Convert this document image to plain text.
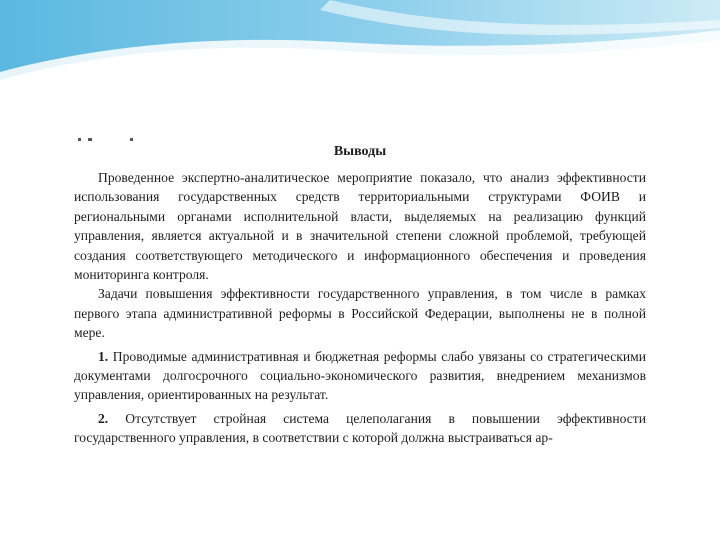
Выводы

Проведенное экспертно-аналитическое мероприятие показало, что анализ эффективности использования государственных средств территориальными структурами ФОИВ и региональными органами исполнительной власти, выделяемых на реализацию функций управления, является актуальной и в значительной степени сложной проблемой, требующей создания соответствующего методического и информационного обеспечения и проведения мониторинга контроля.

Задачи повышения эффективности государственного управления, в том числе в рамках первого этапа административной реформы в Российской Федерации, выполнены не в полной мере.

1. Проводимые административная и бюджетная реформы слабо увязаны со стратегическими документами долгосрочного социально-экономического развития, внедрением механизмов управления, ориентированных на результат.

2. Отсутствует стройная система целеполагания в повышении эффективности государственного управления, в соответствии с которой должна выстраиваться ар-
